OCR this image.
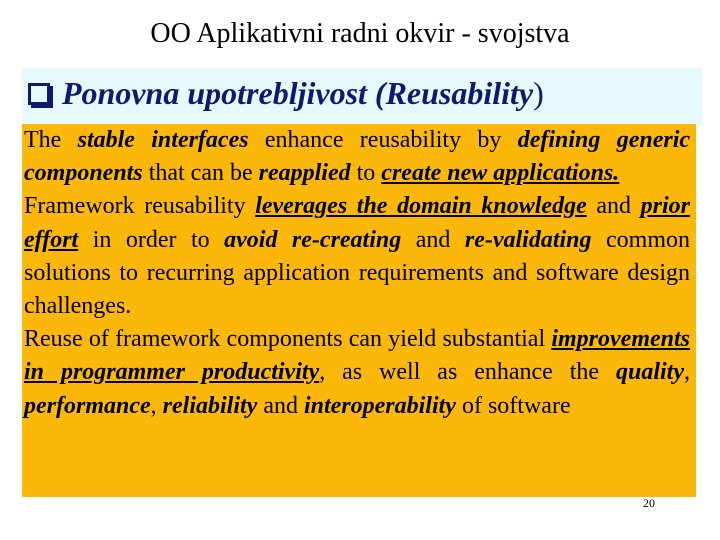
OO Aplikativni radni okvir - svojstva
Ponovna upotrebljivost (Reusability)

The stable interfaces enhance reusability by defining generic components that can be reapplied to create new applications.

Framework reusability leverages the domain knowledge and prior effort in order to avoid re-creating and re-validating common solutions to recurring application requirements and software design challenges.

Reuse of framework components can yield substantial improvements in programmer productivity, as well as enhance the quality, performance, reliability and interoperability of software

20
